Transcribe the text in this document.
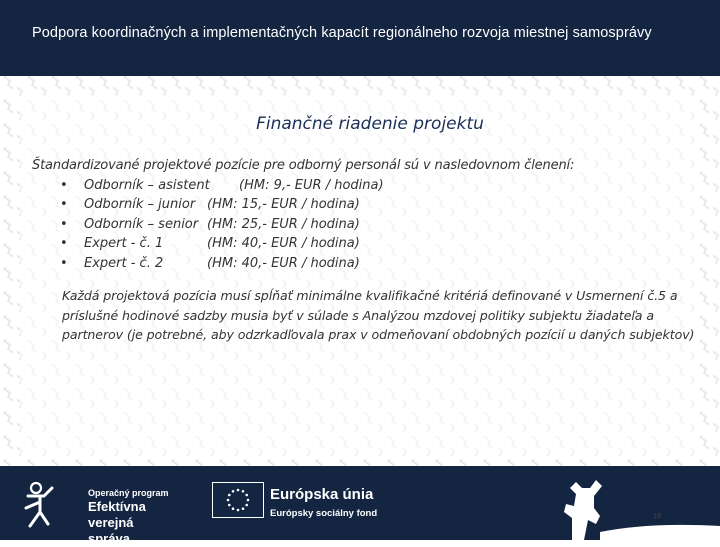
Podpora koordinačných a implementačných kapacít regionálneho rozvoja miestnej samosprávy
Finančné riadenie projektu
Štandardizované projektové pozície pre odborný personál sú v nasledovnom členení:
• Odborník – asistent (HM: 9,- EUR / hodina)
• Odborník – junior (HM: 15,- EUR / hodina)
• Odborník – senior (HM: 25,- EUR / hodina)
• Expert - č. 1	(HM: 40,- EUR / hodina)
• Expert - č. 2	(HM: 40,- EUR / hodina)
Každá projektová pozícia musí spĺňať minimálne kvalifikačné kritériá definované v Usmernení č.5 a príslušné hodinové sadzby musia byť v súlade s Analýzou mzdovej politiky subjektu žiadateľa a partnerov (je potrebné, aby odzrkadľovala prax v odmeňovaní obdobných pozícií u daných subjektov)
Operačný program
Efektívna
verejná správa
Európska únia
Európsky sociálny fond	18
